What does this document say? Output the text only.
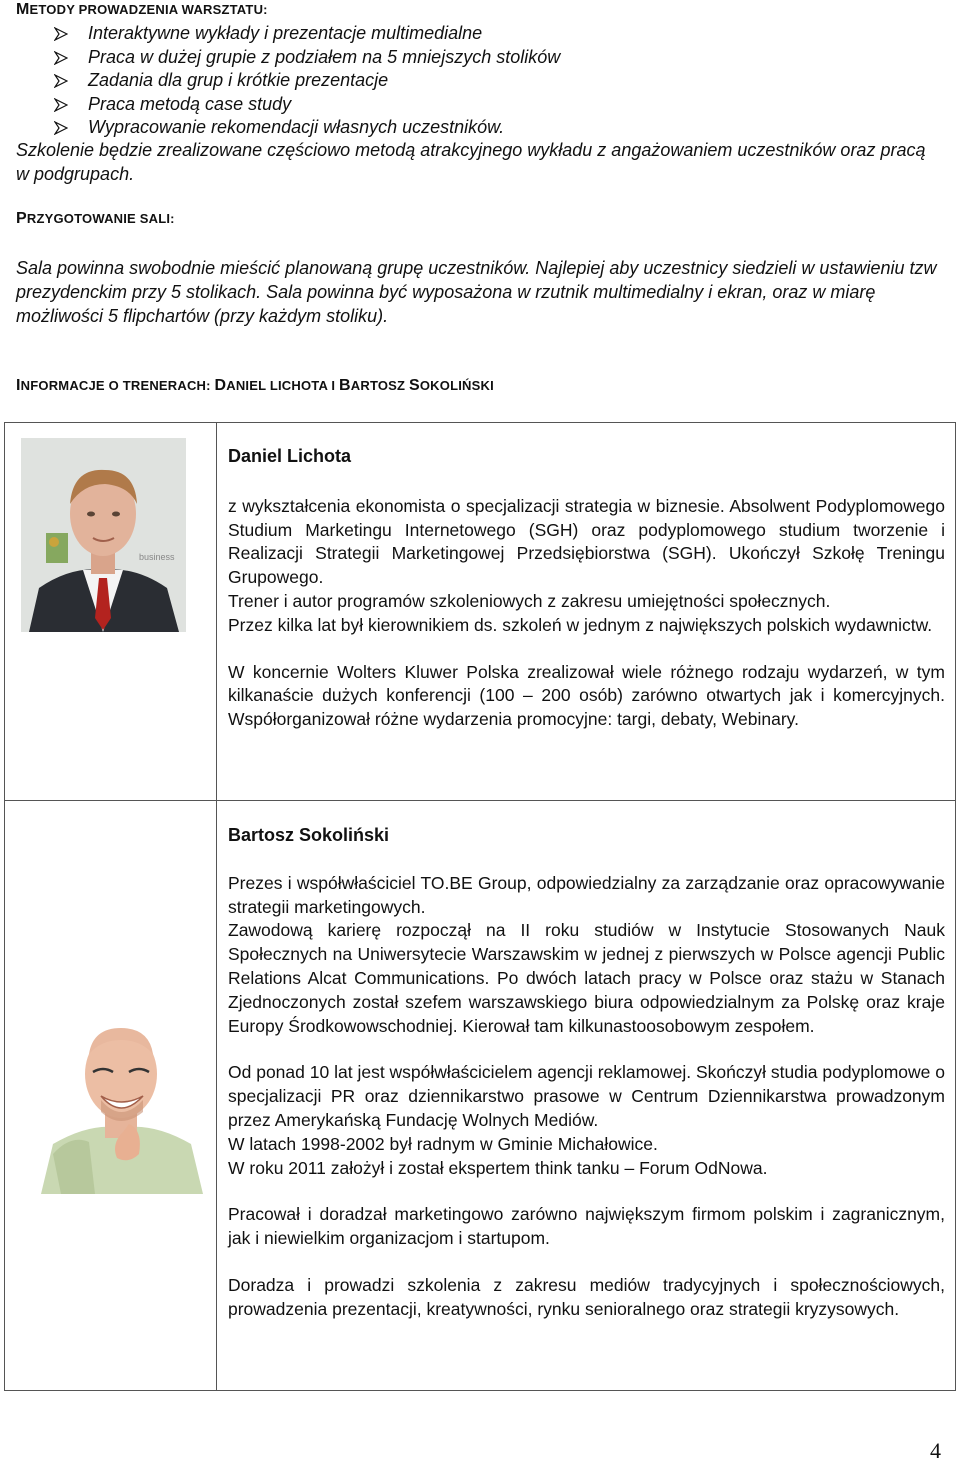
METODY PROWADZENIA WARSZTATU:
Interaktywne wykłady i prezentacje multimedialne
Praca w dużej grupie z podziałem na 5 mniejszych stolików
Zadania dla grup i krótkie prezentacje
Praca metodą case study
Wypracowanie rekomendacji własnych uczestników.

Szkolenie będzie zrealizowane częściowo metodą atrakcyjnego wykładu z angażowaniem uczestników oraz pracą w podgrupach.

PRZYGOTOWANIE SALI:

Sala powinna swobodnie mieścić planowaną grupę uczestników. Najlepiej aby uczestnicy siedzieli w ustawieniu tzw prezydenckim przy 5 stolikach. Sala powinna być wyposażona w rzutnik multimedialny i ekran, oraz w miarę możliwości 5 flipchartów (przy każdym stoliku).

INFORMACJE O TRENERACH: DANIEL LICHOTA I BARTOSZ SOKOLIŃSKI
business

Daniel Lichota

z wykształcenia ekonomista o specjalizacji strategia w biznesie. Absolwent Podyplomowego Studium Marketingu Internetowego (SGH) oraz podyplomowego studium tworzenie i Realizacji Strategii Marketingowej Przedsiębiorstwa (SGH). Ukończył Szkołę Treningu Grupowego.

Trener i autor programów szkoleniowych z zakresu umiejętności społecznych.

Przez kilka lat był kierownikiem ds. szkoleń w jednym z największych polskich wydawnictw.

W koncernie Wolters Kluwer Polska zrealizował wiele różnego rodzaju wydarzeń, w tym kilkanaście dużych konferencji (100 – 200 osób) zarówno otwartych jak i komercyjnych. Współorganizował różne wydarzenia promocyjne: targi, debaty, Webinary.

Bartosz Sokoliński

Prezes i współwłaściciel TO.BE Group, odpowiedzialny za zarządzanie oraz opracowywanie strategii marketingowych.

Zawodową karierę rozpoczął na II roku studiów w Instytucie Stosowanych Nauk Społecznych na Uniwersytecie Warszawskim w jednej z pierwszych w Polsce agencji Public Relations Alcat Communications. Po dwóch latach pracy w Polsce oraz stażu w Stanach Zjednoczonych został szefem warszawskiego biura odpowiedzialnym za Polskę oraz kraje Europy Środkowowschodniej. Kierował tam kilkunastoosobowym zespołem.

Od ponad 10 lat jest współwłaścicielem agencji reklamowej. Skończył studia podyplomowe o specjalizacji PR oraz dziennikarstwo prasowe w Centrum Dziennikarstwa prowadzonym przez Amerykańską Fundację Wolnych Mediów.

W latach 1998-2002 był radnym w Gminie Michałowice.

W roku 2011 założył i został ekspertem think tanku – Forum OdNowa.

Pracował i doradzał marketingowo zarówno największym firmom polskim i zagranicznym, jak i niewielkim organizacjom i startupom.

Doradza i prowadzi szkolenia z zakresu mediów tradycyjnych i społecznościowych, prowadzenia prezentacji, kreatywności, rynku senioralnego oraz strategii kryzysowych.

4
